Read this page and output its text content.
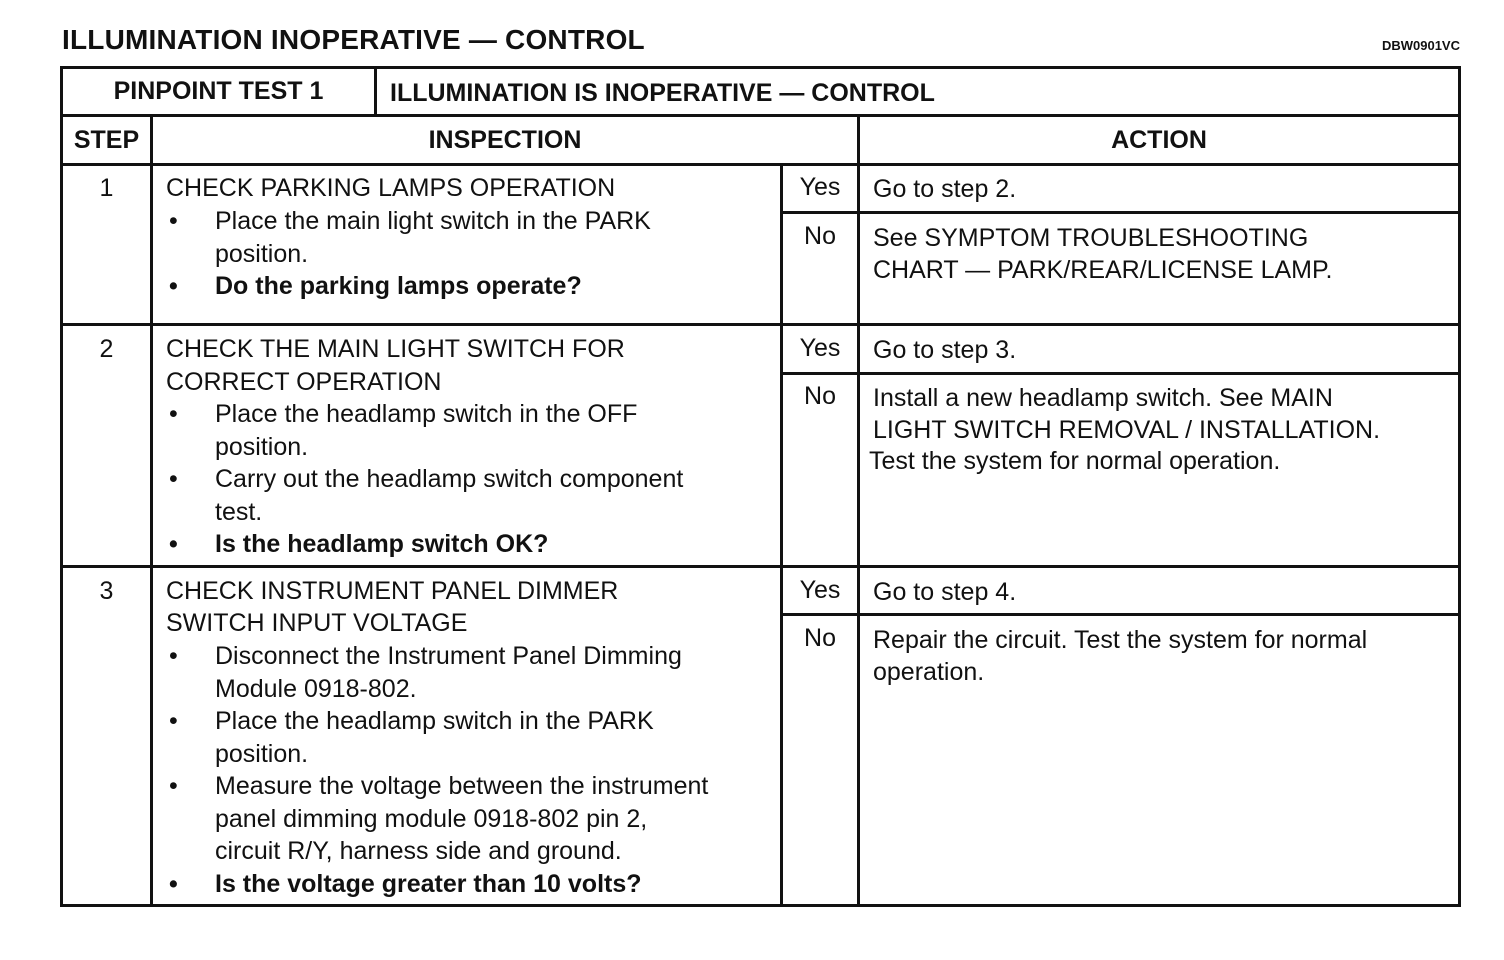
ILLUMINATION INOPERATIVE — CONTROL	DBW0901VC
PINPOINT TEST 1	ILLUMINATION IS INOPERATIVE — CONTROL
STEP	INSPECTION	ACTION
1	CHECK PARKING LAMPS OPERATION
• Place the main light switch in the PARK
position.
• Do the parking lamps operate?
Yes	Go to step 2.
No	See SYMPTOM TROUBLESHOOTING
CHART — PARK/REAR/LICENSE LAMP.
2	CHECK THE MAIN LIGHT SWITCH FOR
CORRECT OPERATION
• Place the headlamp switch in the OFF
position.
• Carry out the headlamp switch component
test.
• Is the headlamp switch OK?
Yes	Go to step 3.
No	Install a new headlamp switch. See MAIN
LIGHT SWITCH REMOVAL / INSTALLATION.
Test the system for normal operation.
3	CHECK INSTRUMENT PANEL DIMMER
SWITCH INPUT VOLTAGE
• Disconnect the Instrument Panel Dimming
Module 0918-802.
• Place the headlamp switch in the PARK
position.
• Measure the voltage between the instrument
panel dimming module 0918-802 pin 2,
circuit R/Y, harness side and ground.
• Is the voltage greater than 10 volts?
Yes	Go to step 4.
No	Repair the circuit. Test the system for normal
operation.
